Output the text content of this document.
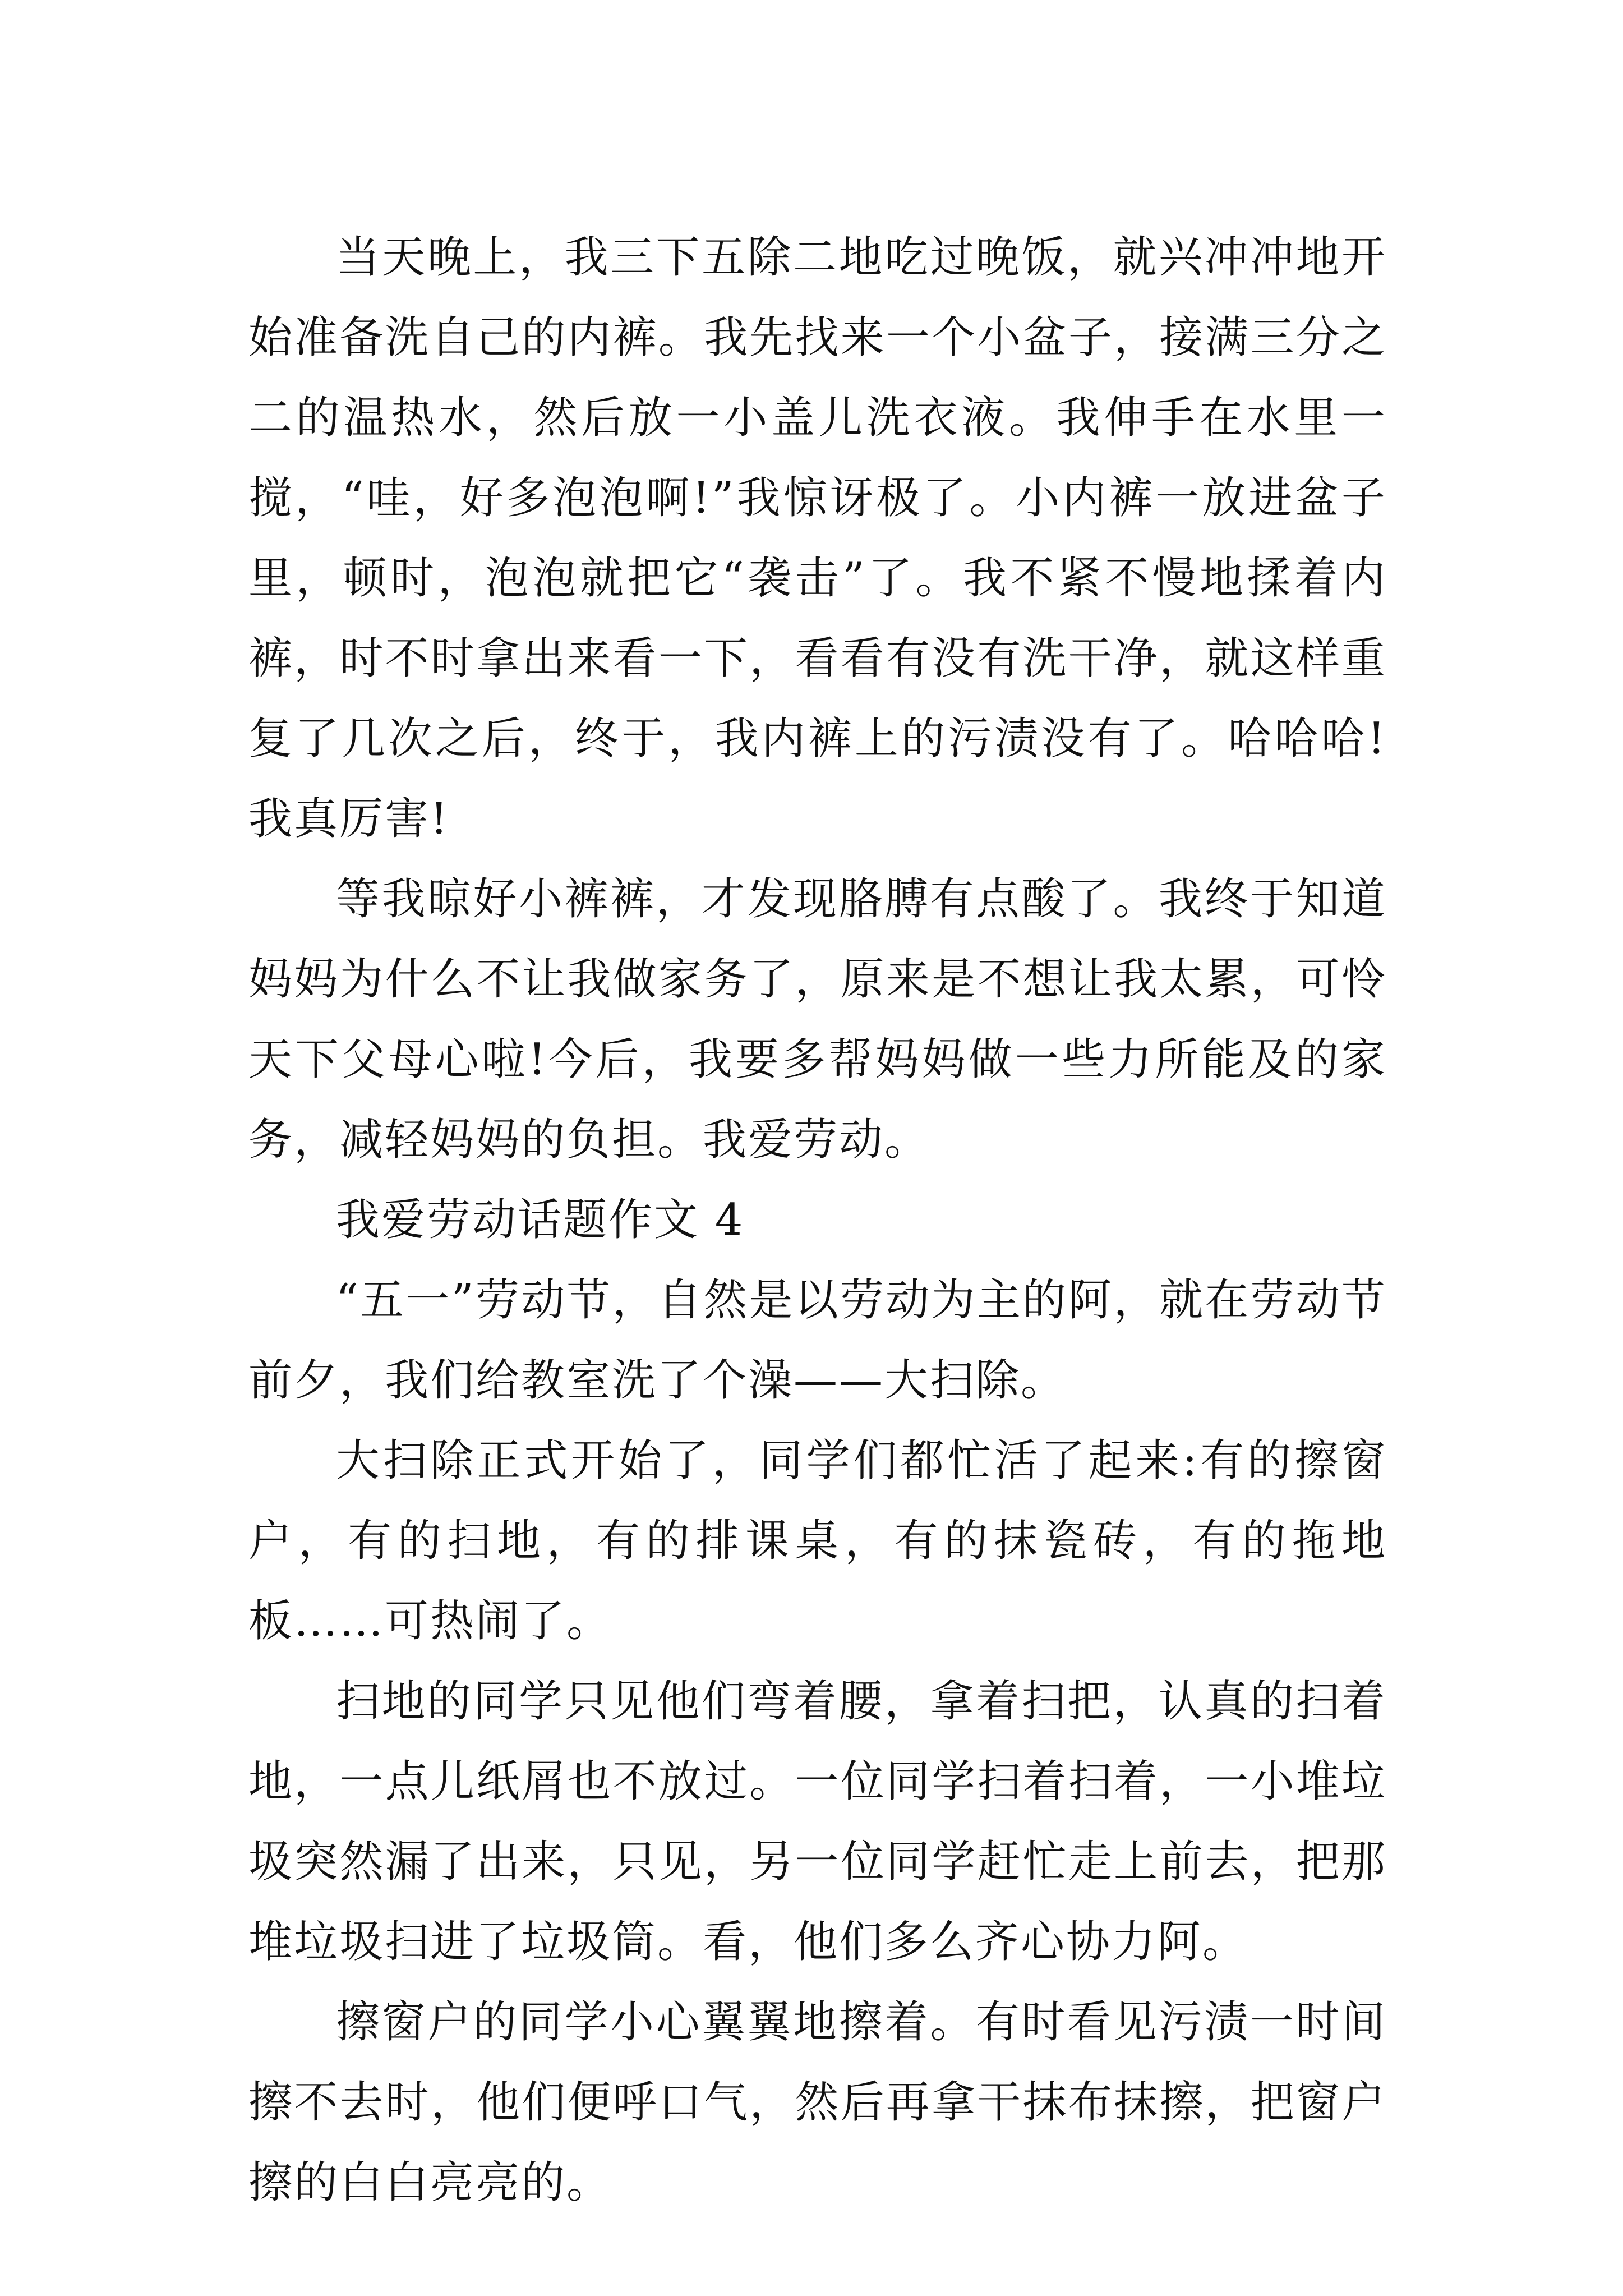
当天晚上，我三下五除二地吃过晚饭，就兴冲冲地开始准备洗自己的内裤。我先找来一个小盆子，接满三分之二的温热水，然后放一小盖儿洗衣液。我伸手在水里一搅，“哇，好多泡泡啊!”我惊讶极了。小内裤一放进盆子里，顿时，泡泡就把它“袭击”了。我不紧不慢地揉着内裤，时不时拿出来看一下，看看有没有洗干净，就这样重复了几次之后，终于，我内裤上的污渍没有了。哈哈哈!我真厉害!

等我晾好小裤裤，才发现胳膊有点酸了。我终于知道妈妈为什么不让我做家务了，原来是不想让我太累，可怜天下父母心啦!今后，我要多帮妈妈做一些力所能及的家务，减轻妈妈的负担。我爱劳动。

我爱劳动话题作文 4

“五一”劳动节，自然是以劳动为主的阿，就在劳动节前夕，我们给教室洗了个澡——大扫除。

大扫除正式开始了，同学们都忙活了起来:有的擦窗户，有的扫地，有的排课桌，有的抹瓷砖，有的拖地板……可热闹了。

扫地的同学只见他们弯着腰，拿着扫把，认真的扫着地，一点儿纸屑也不放过。一位同学扫着扫着，一小堆垃圾突然漏了出来，只见，另一位同学赶忙走上前去，把那堆垃圾扫进了垃圾筒。看，他们多么齐心协力阿。

擦窗户的同学小心翼翼地擦着。有时看见污渍一时间擦不去时，他们便呼口气，然后再拿干抹布抹擦，把窗户擦的白白亮亮的。
